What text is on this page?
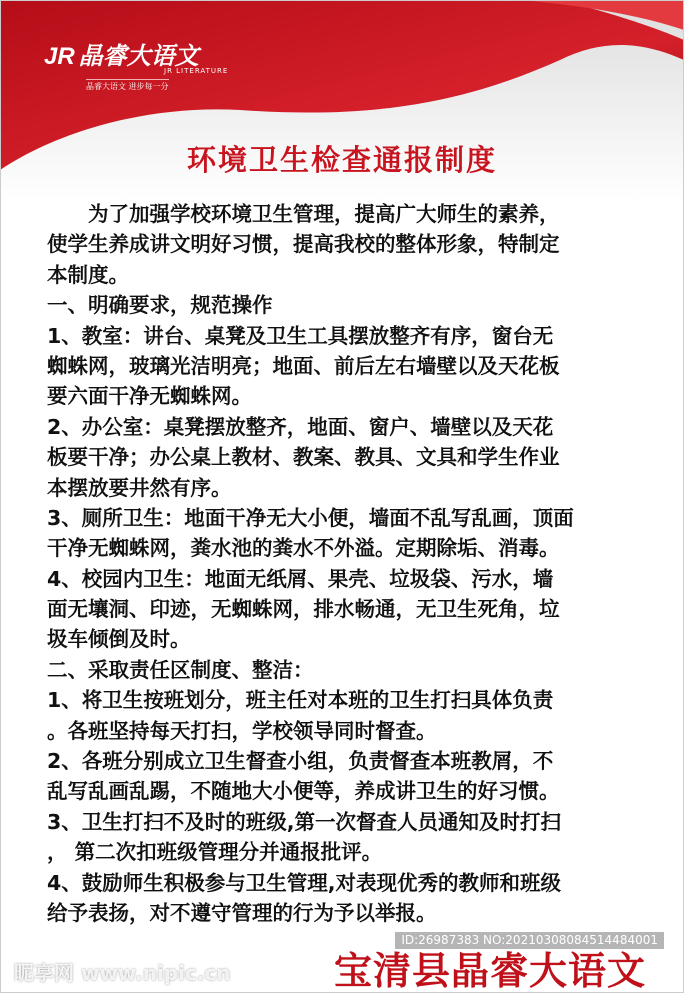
JR 晶睿大语文
JR LITERATURE
晶睿大语文 进步每一分
环境卫生检查通报制度
　　为了加强学校环境卫生管理，提高广大师生的素养，
使学生养成讲文明好习惯，提高我校的整体形象，特制定
本制度。
一、明确要求，规范操作
1、教室：讲台、桌凳及卫生工具摆放整齐有序，窗台无
蜘蛛网，玻璃光洁明亮；地面、前后左右墙壁以及天花板
要六面干净无蜘蛛网。
2、办公室：桌凳摆放整齐，地面、窗户、墙壁以及天花
板要干净；办公桌上教材、教案、教具、文具和学生作业
本摆放要井然有序。
3、厕所卫生：地面干净无大小便，墙面不乱写乱画，顶面
干净无蜘蛛网，粪水池的粪水不外溢。定期除垢、消毒。
4、校园内卫生：地面无纸屑、果壳、垃圾袋、污水，墙
面无壤洞、印迹，无蜘蛛网，排水畅通，无卫生死角，垃
圾车倾倒及时。
二、采取责任区制度、整洁：
1、将卫生按班划分，班主任对本班的卫生打扫具体负责
。各班坚持每天打扫，学校领导同时督查。
2、各班分别成立卫生督查小组，负责督查本班教屑，不
乱写乱画乱踢，不随地大小便等，养成讲卫生的好习惯。
3、卫生打扫不及时的班级,第一次督查人员通知及时打扫
， 第二次扣班级管理分并通报批评。
4、鼓励师生积极参与卫生管理,对表现优秀的教师和班级
给予表扬，对不遵守管理的行为予以举报。
昵享网 www.nipic.cn
ID:26987383 NO:20210308084514484001
宝清县晶睿大语文
